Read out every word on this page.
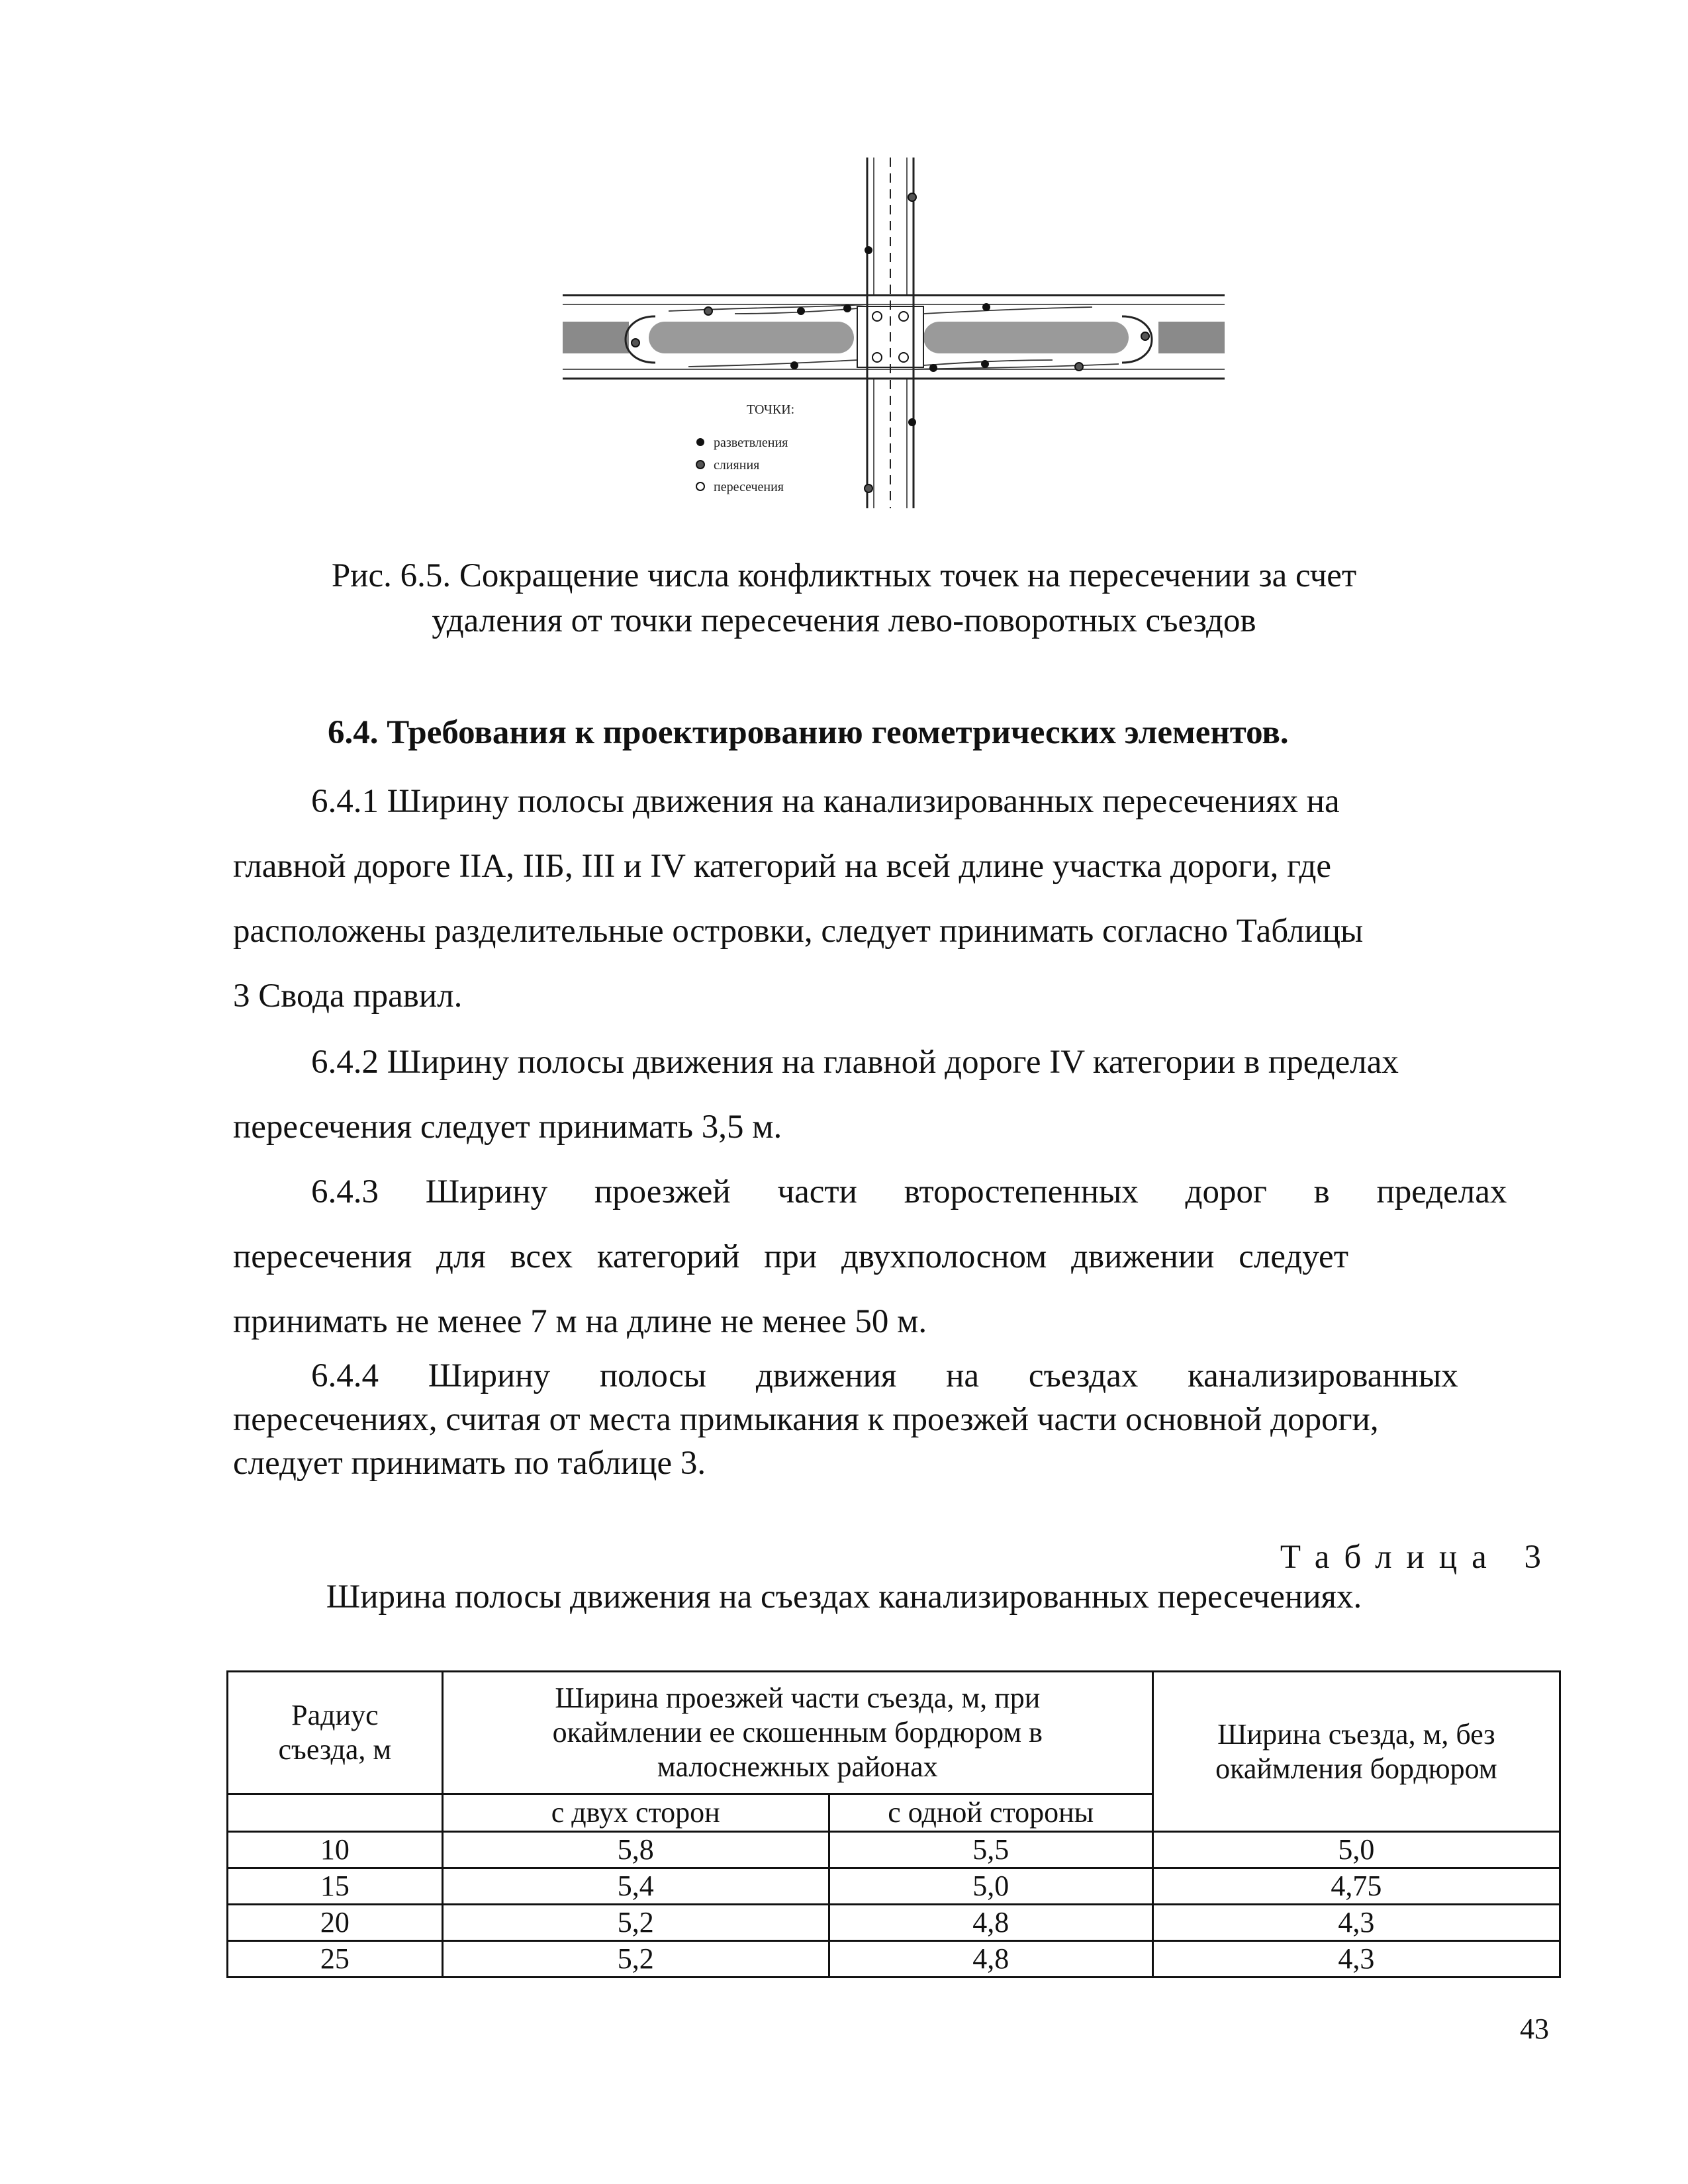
ТОЧКИ:
разветвления
слияния
пересечения
Рис. 6.5. Сокращение числа конфликтных точек на пересечении за счет
удаления от точки пересечения лево-поворотных съездов
6.4. Требования к проектированию геометрических элементов.
6.4.1 Ширину полосы движения на канализированных пересечениях на
главной дороге IIА, IIБ, III и IV категорий на всей длине участка дороги, где
расположены разделительные островки, следует принимать согласно Таблицы
3 Свода правил.
6.4.2 Ширину полосы движения на главной дороге IV категории в пределах
пересечения следует принимать 3,5 м.
6.4.3 Ширину проезжей части второстепенных дорог в пределах
пересечения для всех категорий при двухполосном движении следует
принимать не менее 7 м на длине не менее 50 м.
6.4.4 Ширину полосы движения на съездах канализированных
пересечениях, считая от места примыкания к проезжей части основной дороги,
следует принимать по таблице 3.
Таблица 3
Ширина полосы движения на съездах канализированных пересечениях.
Радиус съезда, м	Ширина проезжей части съезда, м, при окаймлении ее скошенным бордюром в малоснежных районах		Ширина съезда, м, без окаймления бордюром
	с двух сторон	с одной стороны	
10	5,8	5,5	5,0
15	5,4	5,0	4,75
20	5,2	4,8	4,3
25	5,2	4,8	4,3
43
